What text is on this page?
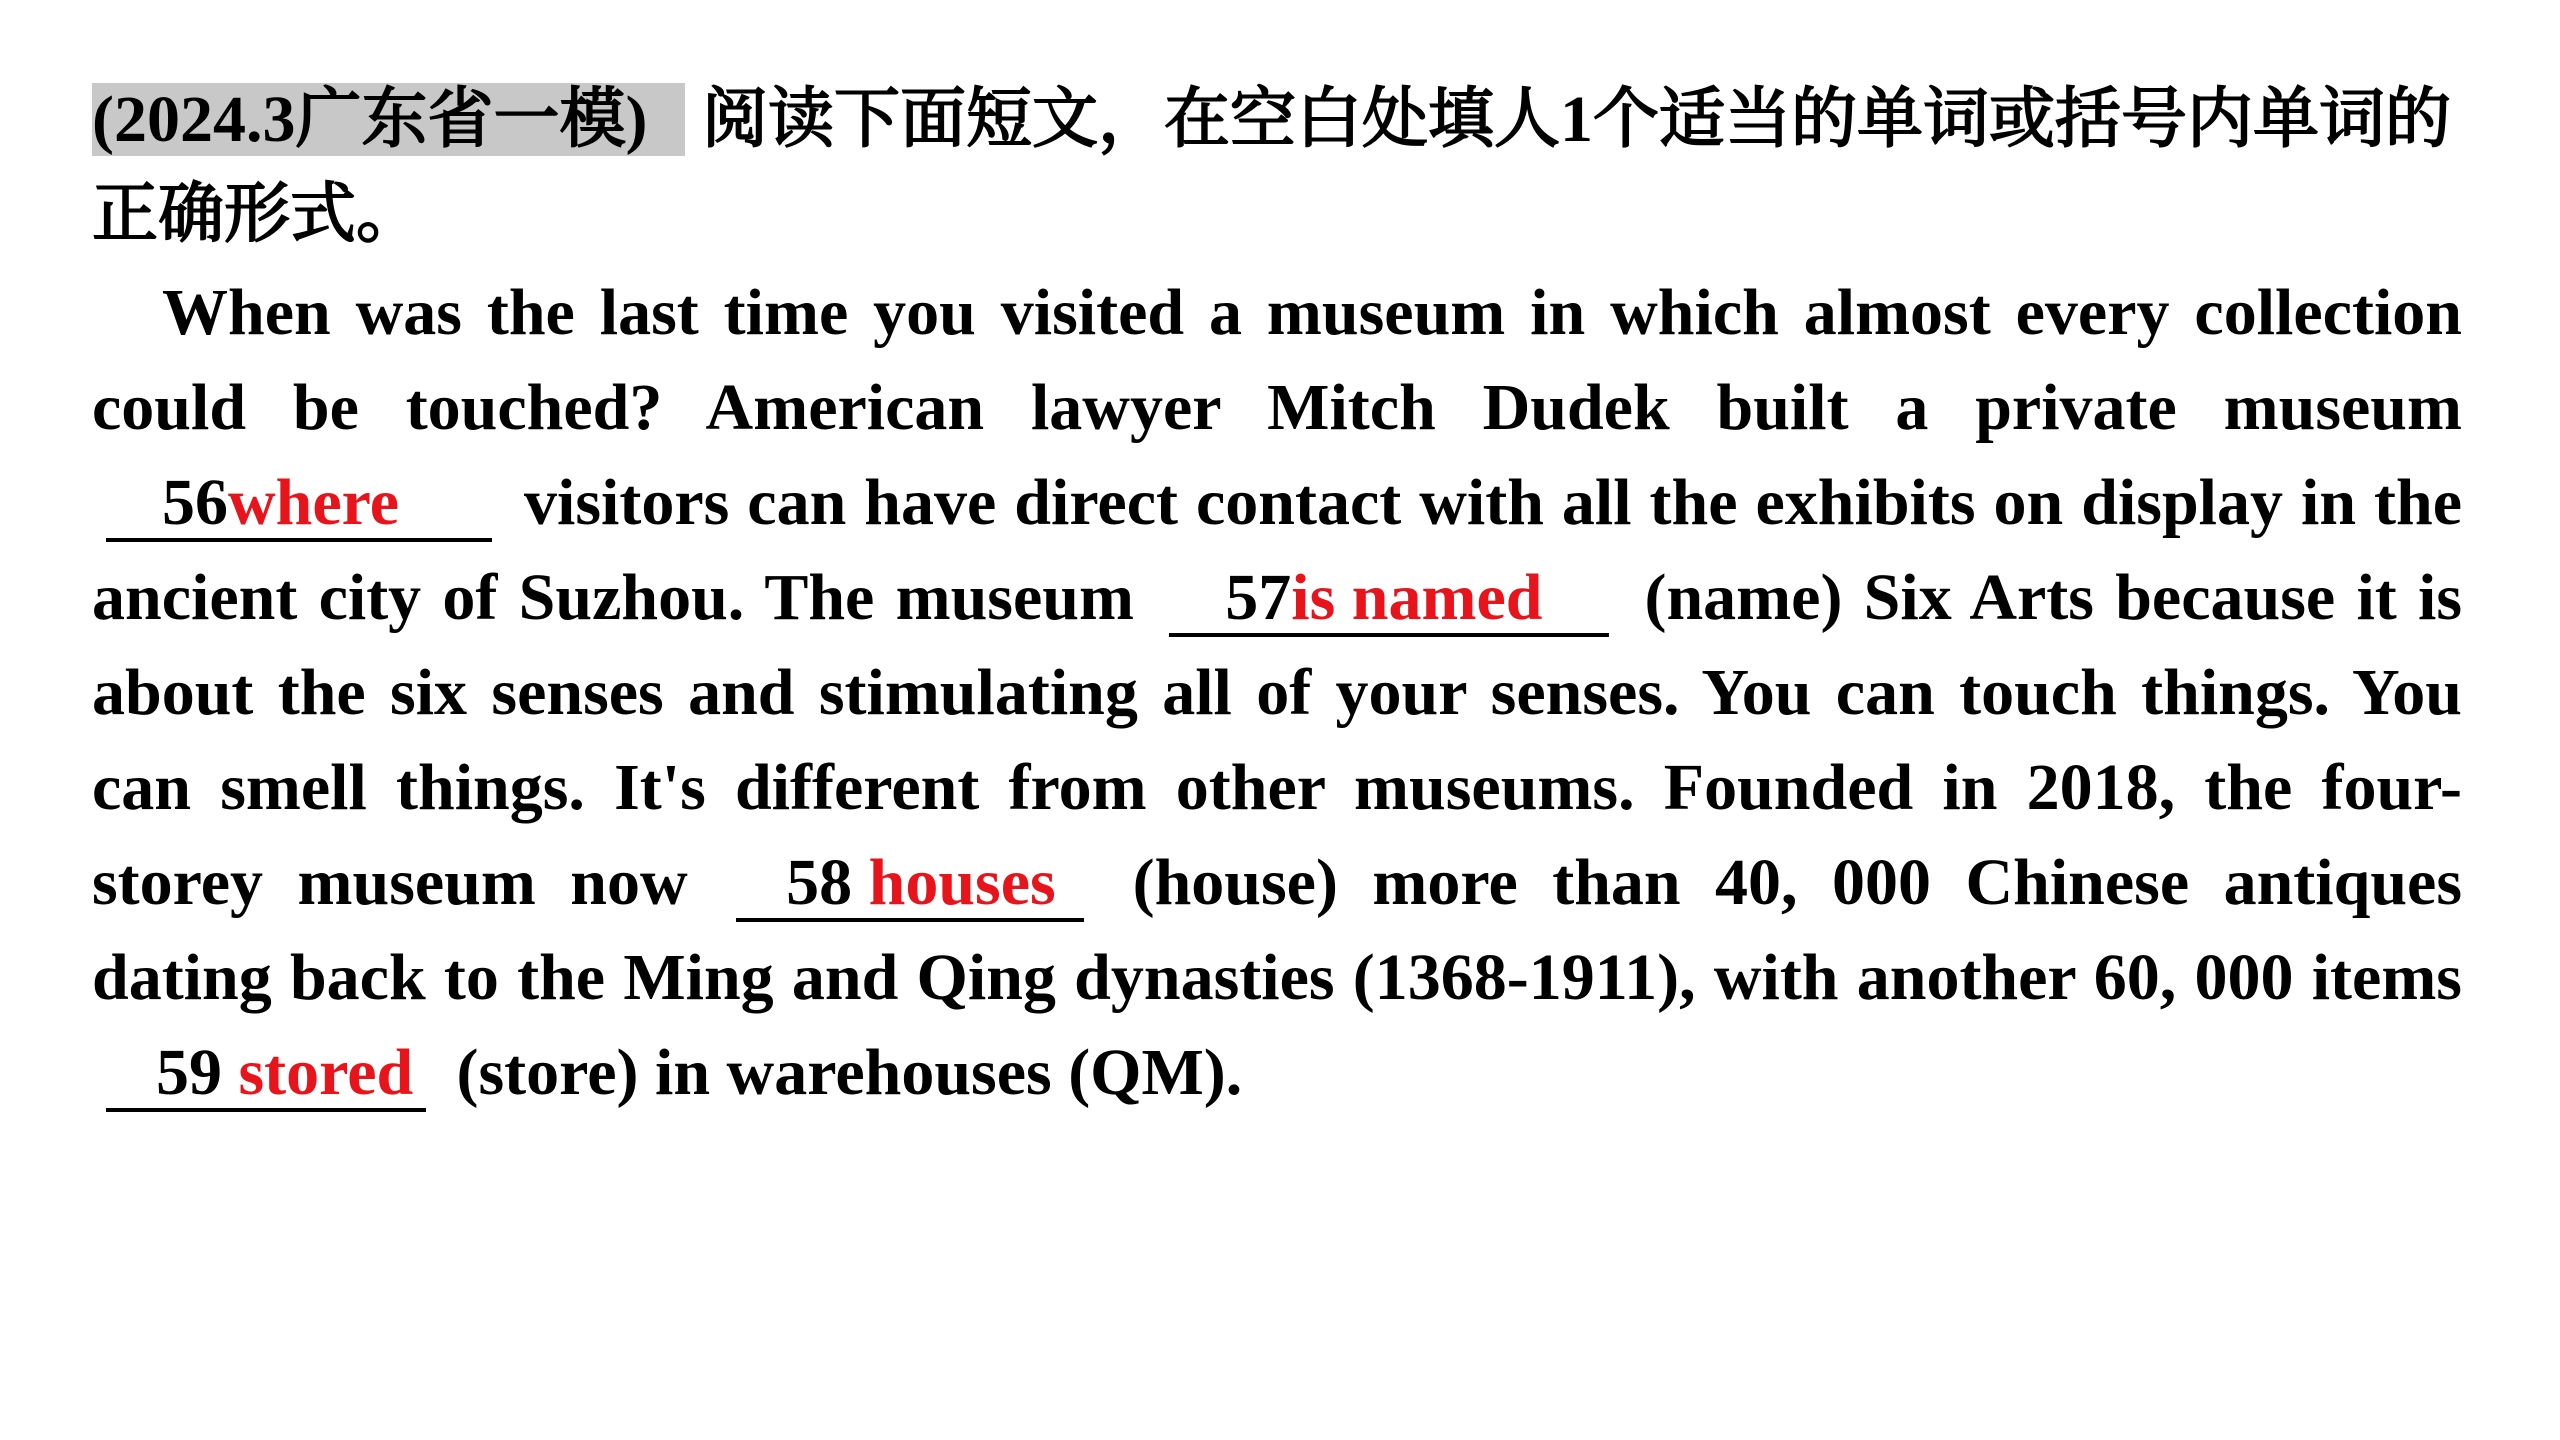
(2024.3广东省一模) 阅读下面短文，在空白处填人1个适当的单词或括号内单词的正确形式。
When was the last time you visited a museum in which almost every collection could be touched? American lawyer Mitch Dudek built a private museum 56where visitors can have direct contact with all the exhibits on display in the ancient city of Suzhou. The museum 57is named (name) Six Arts because it is about the six senses and stimulating all of your senses. You can touch things. You can smell things. It's different from other museums. Founded in 2018, the four-storey museum now 58 houses (house) more than 40, 000 Chinese antiques dating back to the Ming and Qing dynasties (1368-1911), with another 60, 000 items 59 stored (store) in warehouses (QM).
